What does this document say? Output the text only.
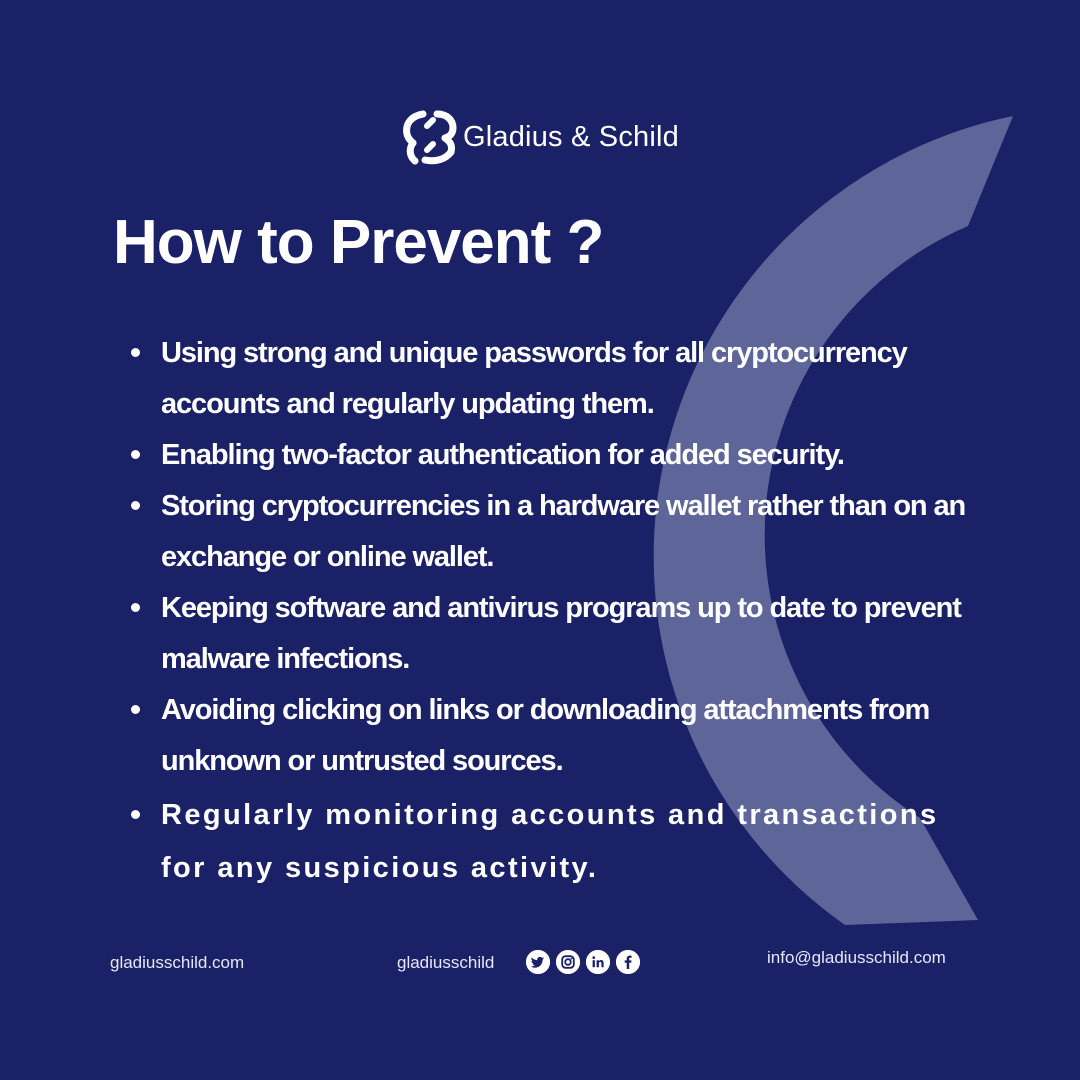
Gladius & Schild
How to Prevent ?
Using strong and unique passwords for all cryptocurrency accounts and regularly updating them.
Enabling two-factor authentication for added security.
Storing cryptocurrencies in a hardware wallet rather than on an exchange or online wallet.
Keeping software and antivirus programs up to date to prevent malware infections.
Avoiding clicking on links or downloading attachments from unknown or untrusted sources.
Regularly monitoring accounts and transactions for any suspicious activity.
gladiusschild.com	gladiusschild	info@gladiusschild.com
